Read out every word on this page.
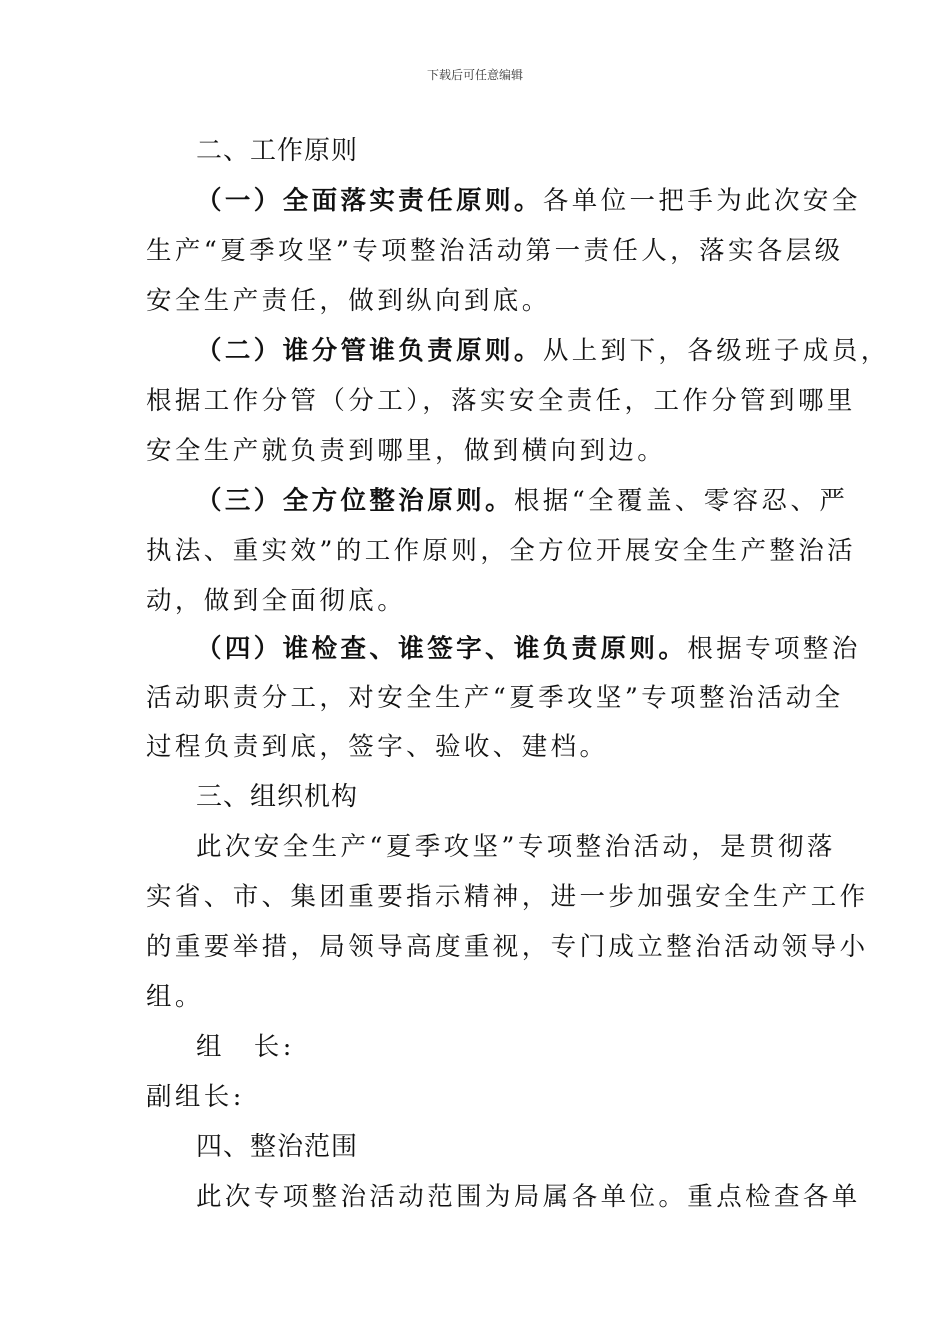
下载后可任意编辑
二、工作原则
（一）全面落实责任原则。各单位一把手为此次安全
生产“夏季攻坚”专项整治活动第一责任人，落实各层级
安全生产责任，做到纵向到底。
（二）谁分管谁负责原则。从上到下，各级班子成员，
根据工作分管（分工），落实安全责任，工作分管到哪里
安全生产就负责到哪里，做到横向到边。
（三）全方位整治原则。根据“全覆盖、零容忍、严
执法、重实效”的工作原则，全方位开展安全生产整治活
动，做到全面彻底。
（四）谁检查、谁签字、谁负责原则。根据专项整治
活动职责分工，对安全生产“夏季攻坚”专项整治活动全
过程负责到底，签字、验收、建档。
三、组织机构
此次安全生产“夏季攻坚”专项整治活动，是贯彻落
实省、市、集团重要指示精神，进一步加强安全生产工作
的重要举措，局领导高度重视，专门成立整治活动领导小
组。
组　长:
副组长:
四、整治范围
此次专项整治活动范围为局属各单位。重点检查各单
